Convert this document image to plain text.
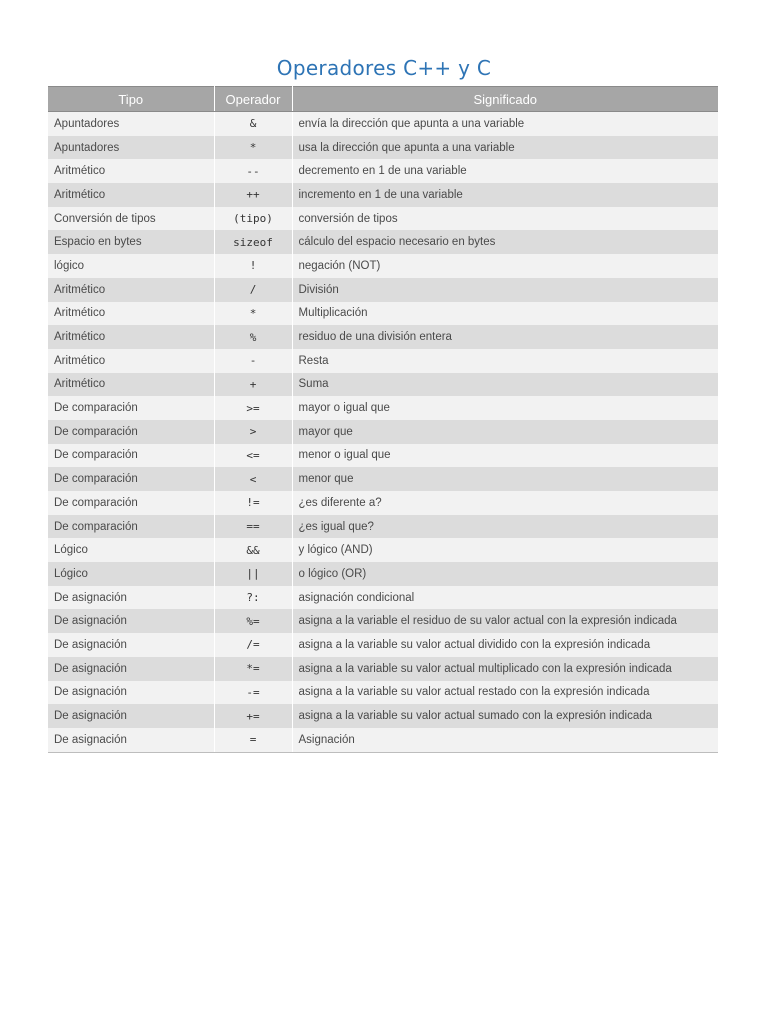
Operadores C++ y C
Tipo	Operador	Significado
Apuntadores	&	envía la dirección que apunta a una variable
Apuntadores	*	usa la dirección que apunta a una variable
Aritmético	--	decremento en 1 de una variable
Aritmético	++	incremento en 1 de una variable
Conversión de tipos	(tipo)	conversión de tipos
Espacio en bytes	sizeof	cálculo del espacio necesario en bytes
lógico	!	negación (NOT)
Aritmético	/	División
Aritmético	*	Multiplicación
Aritmético	%	residuo de una división entera
Aritmético	-	Resta
Aritmético	+	Suma
De comparación	>=	mayor o igual que
De comparación	>	mayor que
De comparación	<=	menor o igual que
De comparación	<	menor que
De comparación	!=	¿es diferente a?
De comparación	==	¿es igual que?
Lógico	&&	y lógico (AND)
Lógico	||	o lógico (OR)
De asignación	?:	asignación condicional
De asignación	%=	asigna a la variable el residuo de su valor actual con la expresión indicada
De asignación	/=	asigna a la variable su valor actual dividido con la expresión indicada
De asignación	*=	asigna a la variable su valor actual multiplicado con la expresión indicada
De asignación	-=	asigna a la variable su valor actual restado con la expresión indicada
De asignación	+=	asigna a la variable su valor actual sumado con la expresión indicada
De asignación	=	Asignación
